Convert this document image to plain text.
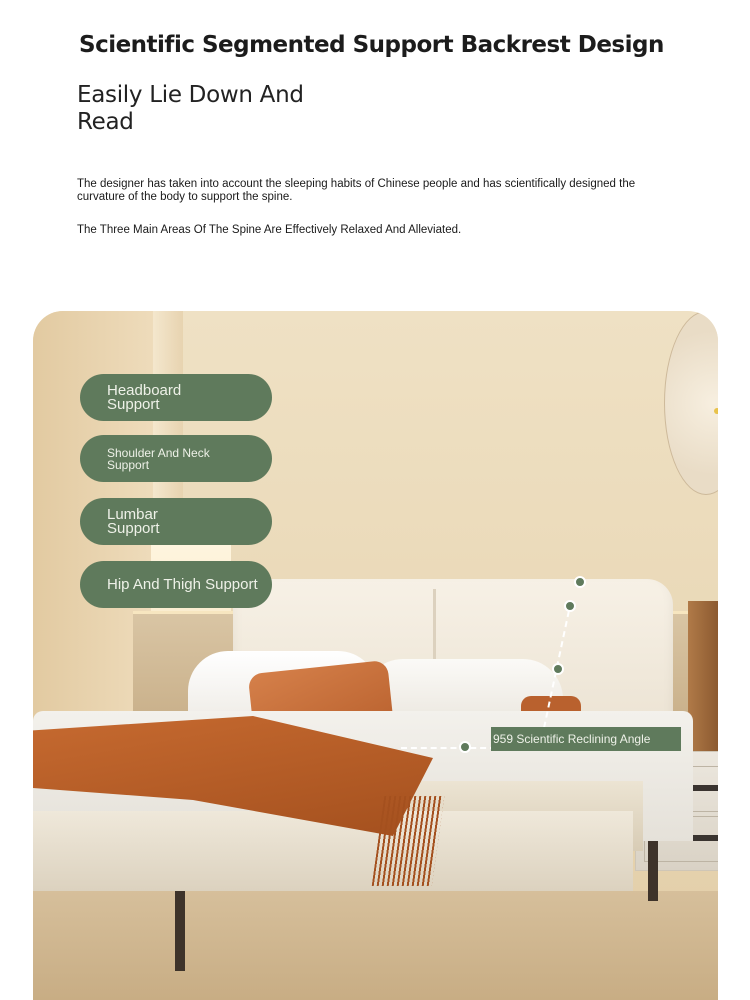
Scientific Segmented Support Backrest Design
Easily Lie Down And Read

The designer has taken into account the sleeping habits of Chinese people and has scientifically designed the curvature of the body to support the spine.

The Three Main Areas Of The Spine Are Effectively Relaxed And Alleviated.

Headboard Support
Shoulder And Neck Support
Lumbar Support
Hip And Thigh Support
959 Scientific Reclining Angle
